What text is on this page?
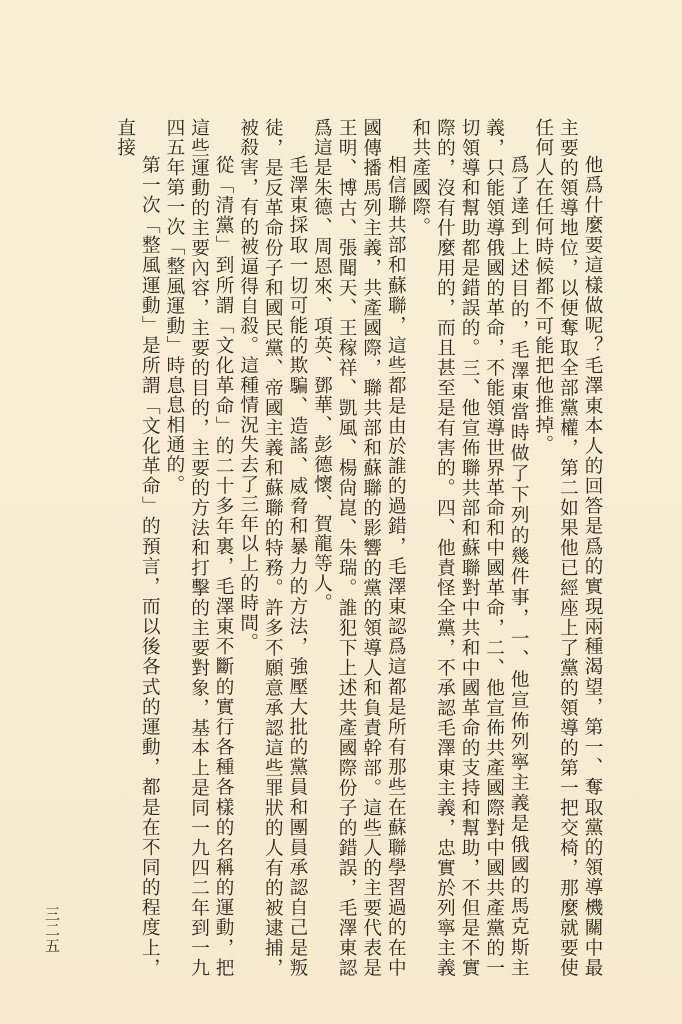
他爲什麼要這樣做呢？毛澤東本人的回答是爲的實現兩種渴望，第一、奪取黨的領導機關中最主要的領導地位，以便奪取全部黨權，第二如果他已經座上了黨的領導的第一把交椅，那麼就要使任何人在任何時候都不可能把他推掉。

爲了達到上述目的，毛澤東當時做了下列的幾件事，一、他宣佈列寧主義是俄國的馬克斯主義，只能領導俄國的革命，不能領導世界革命和中國革命，二、他宣佈共產國際對中國共產黨的一切領導和幫助都是錯誤的。三、他宣佈聯共部和蘇聯對中共和中國革命的支持和幫助，不但是不實際的，沒有什麼用的，而且甚至是有害的。四、他責怪全黨，不承認毛澤東主義，忠實於列寧主義和共產國際。

相信聯共部和蘇聯，這些都是由於誰的過錯，毛澤東認爲這都是所有那些在蘇聯學習過的在中國傳播馬列主義，共產國際，聯共部和蘇聯的影響的黨的領導人和負責幹部。這些人的主要代表是王明、博古、張聞天、王稼祥、凱風、楊尙崑、朱瑞。誰犯下上述共產國際份子的錯誤，毛澤東認爲這是朱德、周恩來、項英、鄧華、彭德懷、賀龍等人。

毛澤東採取一切可能的欺騙、造謠、威脅和暴力的方法，強壓大批的黨員和團員承認自己是叛徒，是反革命份子和國民黨、帝國主義和蘇聯的特務。許多不願意承認這些罪狀的人有的被逮捕，被殺害，有的被逼得自殺。這種情況失去了三年以上的時間。

從「清黨」到所謂「文化革命」的二十多年裏，毛澤東不斷的實行各種各樣的名稱的運動，把這些運動的主要內容，主要的目的，主要的方法和打擊的主要對象，基本上是同一九四二年到一九四五年第一次「整風運動」時息息相通的。

第一次「整風運動」是所謂「文化革命」的預言，而以後各式的運動，都是在不同的程度上，直接

三二五
